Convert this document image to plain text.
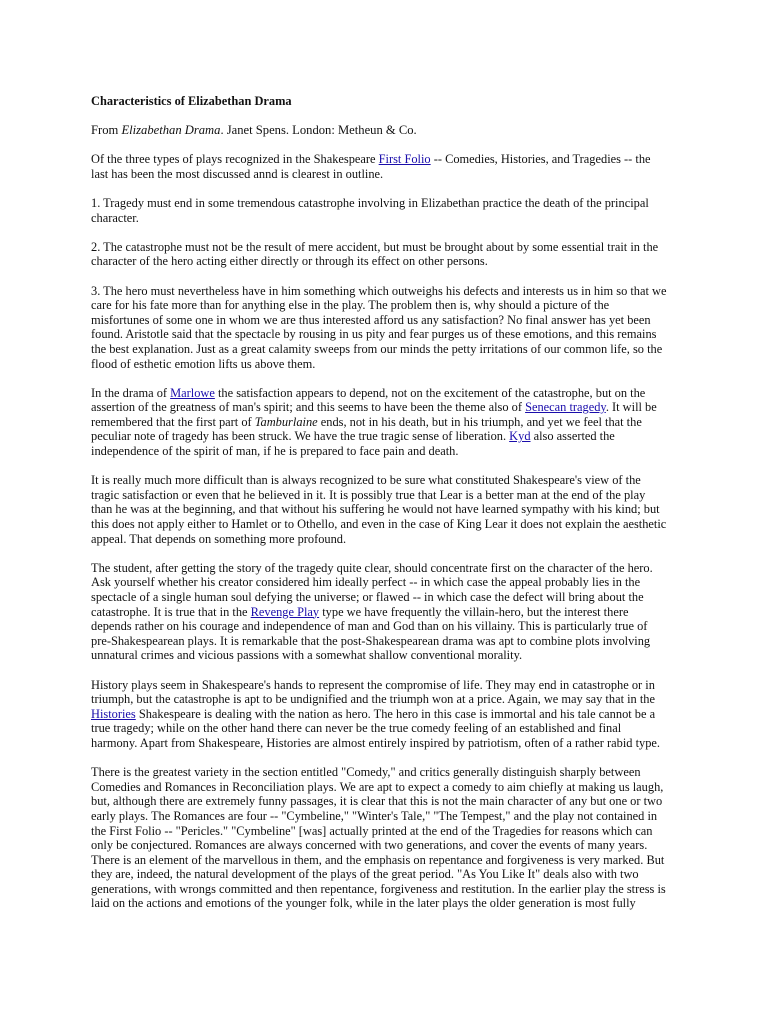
Characteristics of Elizabethan Drama

From Elizabethan Drama. Janet Spens. London: Metheun & Co.

Of the three types of plays recognized in the Shakespeare First Folio -- Comedies, Histories, and Tragedies -- the last has been the most discussed annd is clearest in outline.

1. Tragedy must end in some tremendous catastrophe involving in Elizabethan practice the death of the principal character.

2. The catastrophe must not be the result of mere accident, but must be brought about by some essential trait in the character of the hero acting either directly or through its effect on other persons.

3. The hero must nevertheless have in him something which outweighs his defects and interests us in him so that we care for his fate more than for anything else in the play. The problem then is, why should a picture of the misfortunes of some one in whom we are thus interested afford us any satisfaction? No final answer has yet been found. Aristotle said that the spectacle by rousing in us pity and fear purges us of these emotions, and this remains the best explanation. Just as a great calamity sweeps from our minds the petty irritations of our common life, so the flood of esthetic emotion lifts us above them.

In the drama of Marlowe the satisfaction appears to depend, not on the excitement of the catastrophe, but on the assertion of the greatness of man's spirit; and this seems to have been the theme also of Senecan tragedy. It will be remembered that the first part of Tamburlaine ends, not in his death, but in his triumph, and yet we feel that the peculiar note of tragedy has been struck. We have the true tragic sense of liberation. Kyd also asserted the independence of the spirit of man, if he is prepared to face pain and death.

It is really much more difficult than is always recognized to be sure what constituted Shakespeare's view of the tragic satisfaction or even that he believed in it. It is possibly true that Lear is a better man at the end of the play than he was at the beginning, and that without his suffering he would not have learned sympathy with his kind; but this does not apply either to Hamlet or to Othello, and even in the case of King Lear it does not explain the aesthetic appeal. That depends on something more profound.

The student, after getting the story of the tragedy quite clear, should concentrate first on the character of the hero. Ask yourself whether his creator considered him ideally perfect -- in which case the appeal probably lies in the spectacle of a single human soul defying the universe; or flawed -- in which case the defect will bring about the catastrophe. It is true that in the Revenge Play type we have frequently the villain-hero, but the interest there depends rather on his courage and independence of man and God than on his villainy. This is particularly true of pre-Shakespearean plays. It is remarkable that the post-Shakespearean drama was apt to combine plots involving unnatural crimes and vicious passions with a somewhat shallow conventional morality.

History plays seem in Shakespeare's hands to represent the compromise of life. They may end in catastrophe or in triumph, but the catastrophe is apt to be undignified and the triumph won at a price. Again, we may say that in the Histories Shakespeare is dealing with the nation as hero. The hero in this case is immortal and his tale cannot be a true tragedy; while on the other hand there can never be the true comedy feeling of an established and final harmony. Apart from Shakespeare, Histories are almost entirely inspired by patriotism, often of a rather rabid type.

There is the greatest variety in the section entitled "Comedy," and critics generally distinguish sharply between Comedies and Romances in Reconciliation plays. We are apt to expect a comedy to aim chiefly at making us laugh, but, although there are extremely funny passages, it is clear that this is not the main character of any but one or two early plays. The Romances are four -- "Cymbeline," "Winter's Tale," "The Tempest," and the play not contained in the First Folio -- "Pericles." "Cymbeline" [was] actually printed at the end of the Tragedies for reasons which can only be conjectured. Romances are always concerned with two generations, and cover the events of many years. There is an element of the marvellous in them, and the emphasis on repentance and forgiveness is very marked. But they are, indeed, the natural development of the plays of the great period. "As You Like It" deals also with two generations, with wrongs committed and then repentance, forgiveness and restitution. In the earlier play the stress is laid on the actions and emotions of the younger folk, while in the later plays the older generation is most fully
